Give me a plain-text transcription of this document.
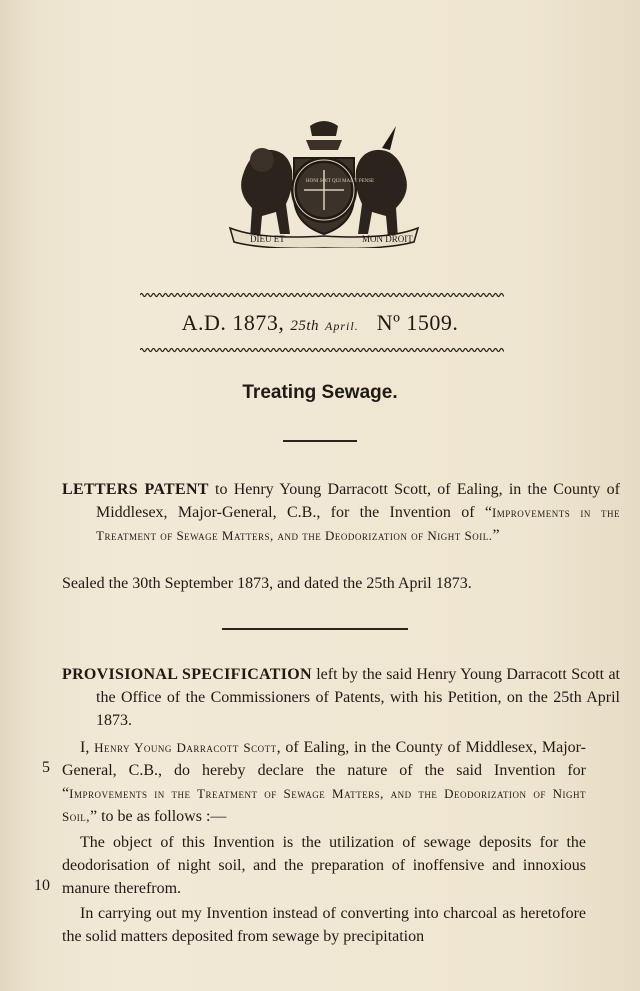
DIEU ET	MON DROIT
HONI SOIT QUI MAL Y PENSE
A.D. 1873, 25th April. Nº 1509.
Treating Sewage.
LETTERS PATENT to Henry Young Darracott Scott, of Ealing, in the County of Middlesex, Major-General, C.B., for the Invention of “Improvements in the Treatment of Sewage Matters, and the Deodorization of Night Soil.”
Sealed the 30th September 1873, and dated the 25th April 1873.
PROVISIONAL SPECIFICATION left by the said Henry Young Darracott Scott at the Office of the Commissioners of Patents, with his Petition, on the 25th April 1873.
I, Henry Young Darracott Scott, of Ealing, in the County of Middlesex, Major-General, C.B., do hereby declare the nature of the said Invention for “Improvements in the Treatment of Sewage Matters, and the Deodorization of Night Soil,” to be as follows :—
The object of this Invention is the utilization of sewage deposits for the deodorisation of night soil, and the preparation of inoffensive and innoxious manure therefrom.
In carrying out my Invention instead of converting into charcoal as heretofore the solid matters deposited from sewage by precipitation
5
10
